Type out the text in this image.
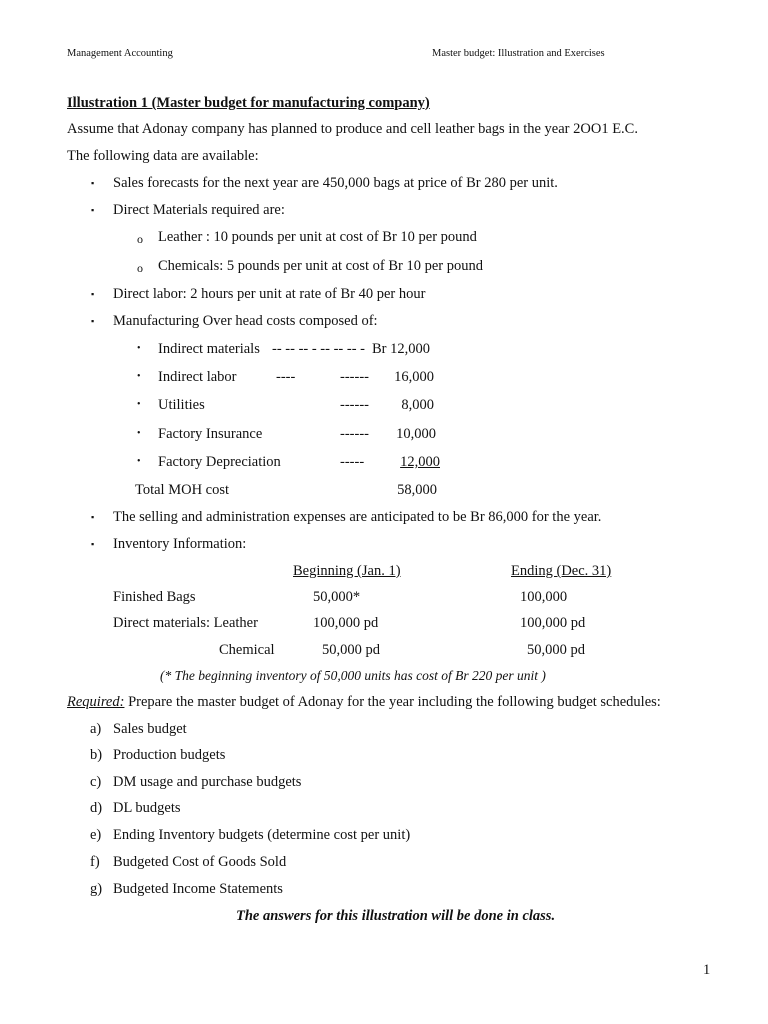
Management Accounting	Master budget: Illustration and Exercises
Illustration 1 (Master budget for manufacturing company)
Assume that Adonay company has planned to produce and cell leather bags in the year 2OO1 E.C.
The following data are available:
▪ Sales forecasts for the next year are 450,000 bags at price of Br 280 per unit.
▪ Direct Materials required are:
o Leather : 10 pounds per unit at cost of Br 10 per pound
o Chemicals: 5 pounds per unit at cost of Br 10 per pound
▪ Direct labor: 2 hours per unit at rate of Br 40 per hour
▪ Manufacturing Over head costs composed of:
• Indirect materials -- -- -- - -- -- -- - Br 12,000
• Indirect labor	----	------	16,000
• Utilities	------	8,000
• Factory Insurance	------	10,000
• Factory Depreciation	-----	12,000
Total MOH cost	58,000
▪ The selling and administration expenses are anticipated to be Br 86,000 for the year.
▪ Inventory Information:
Beginning (Jan. 1)	Ending (Dec. 31)
Finished Bags	50,000*	100,000
Direct materials: Leather	100,000 pd	100,000 pd
Chemical	50,000 pd	50,000 pd
(* The beginning inventory of 50,000 units has cost of Br 220 per unit )
Required: Prepare the master budget of Adonay for the year including the following budget schedules:
a) Sales budget
b) Production budgets
c) DM usage and purchase budgets
d) DL budgets
e) Ending Inventory budgets (determine cost per unit)
f) Budgeted Cost of Goods Sold
g) Budgeted Income Statements
The answers for this illustration will be done in class.
1
